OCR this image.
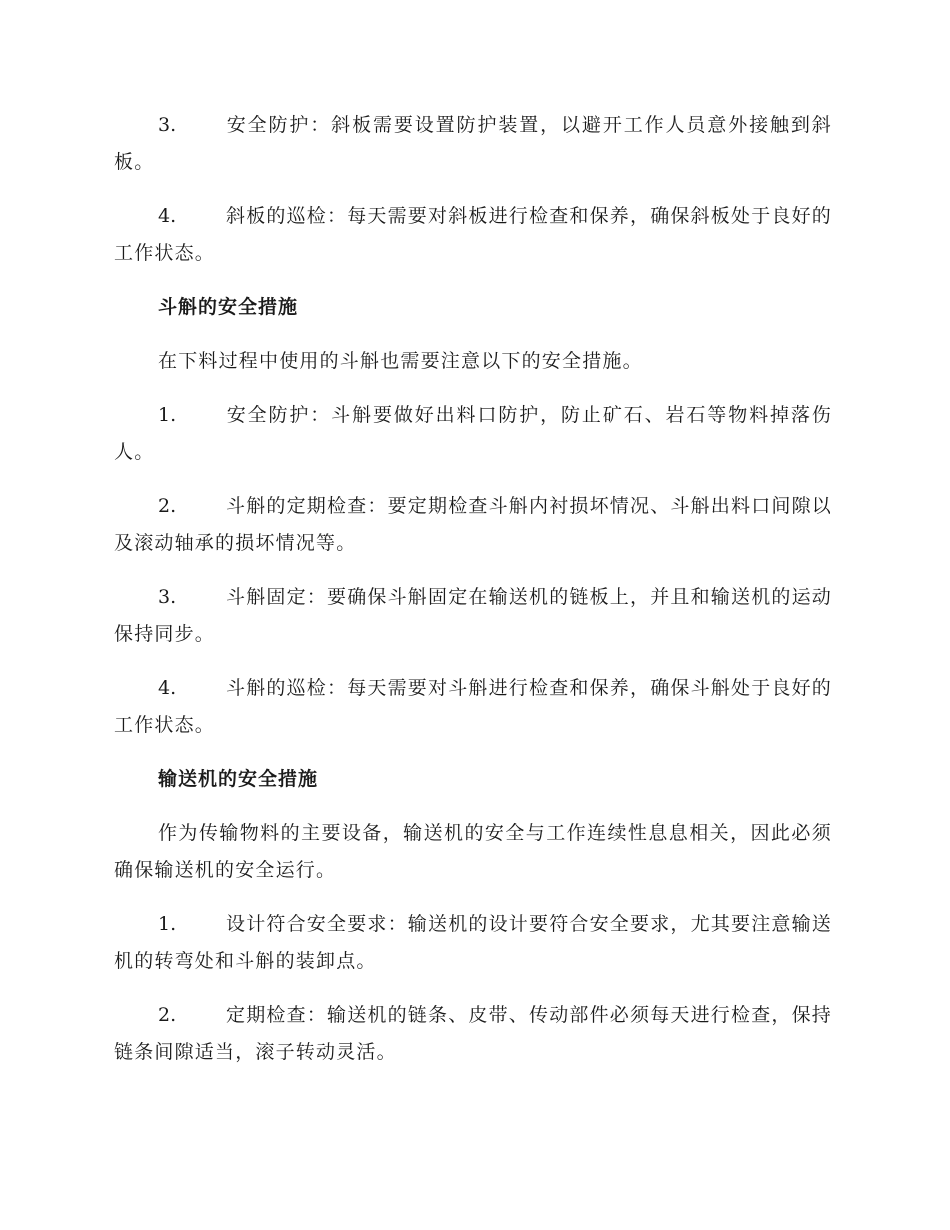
3.	安全防护：斜板需要设置防护装置，以避开工作人员意外接触到斜板。

4.	斜板的巡检：每天需要对斜板进行检查和保养，确保斜板处于良好的工作状态。

斗斛的安全措施

在下料过程中使用的斗斛也需要注意以下的安全措施。

1.	安全防护：斗斛要做好出料口防护，防止矿石、岩石等物料掉落伤人。

2.	斗斛的定期检查：要定期检查斗斛内衬损坏情况、斗斛出料口间隙以及滚动轴承的损坏情况等。

3.	斗斛固定：要确保斗斛固定在输送机的链板上，并且和输送机的运动保持同步。

4.	斗斛的巡检：每天需要对斗斛进行检查和保养，确保斗斛处于良好的工作状态。

输送机的安全措施

作为传输物料的主要设备，输送机的安全与工作连续性息息相关，因此必须确保输送机的安全运行。

1.	设计符合安全要求：输送机的设计要符合安全要求，尤其要注意输送机的转弯处和斗斛的装卸点。

2.	定期检查：输送机的链条、皮带、传动部件必须每天进行检查，保持链条间隙适当，滚子转动灵活。
